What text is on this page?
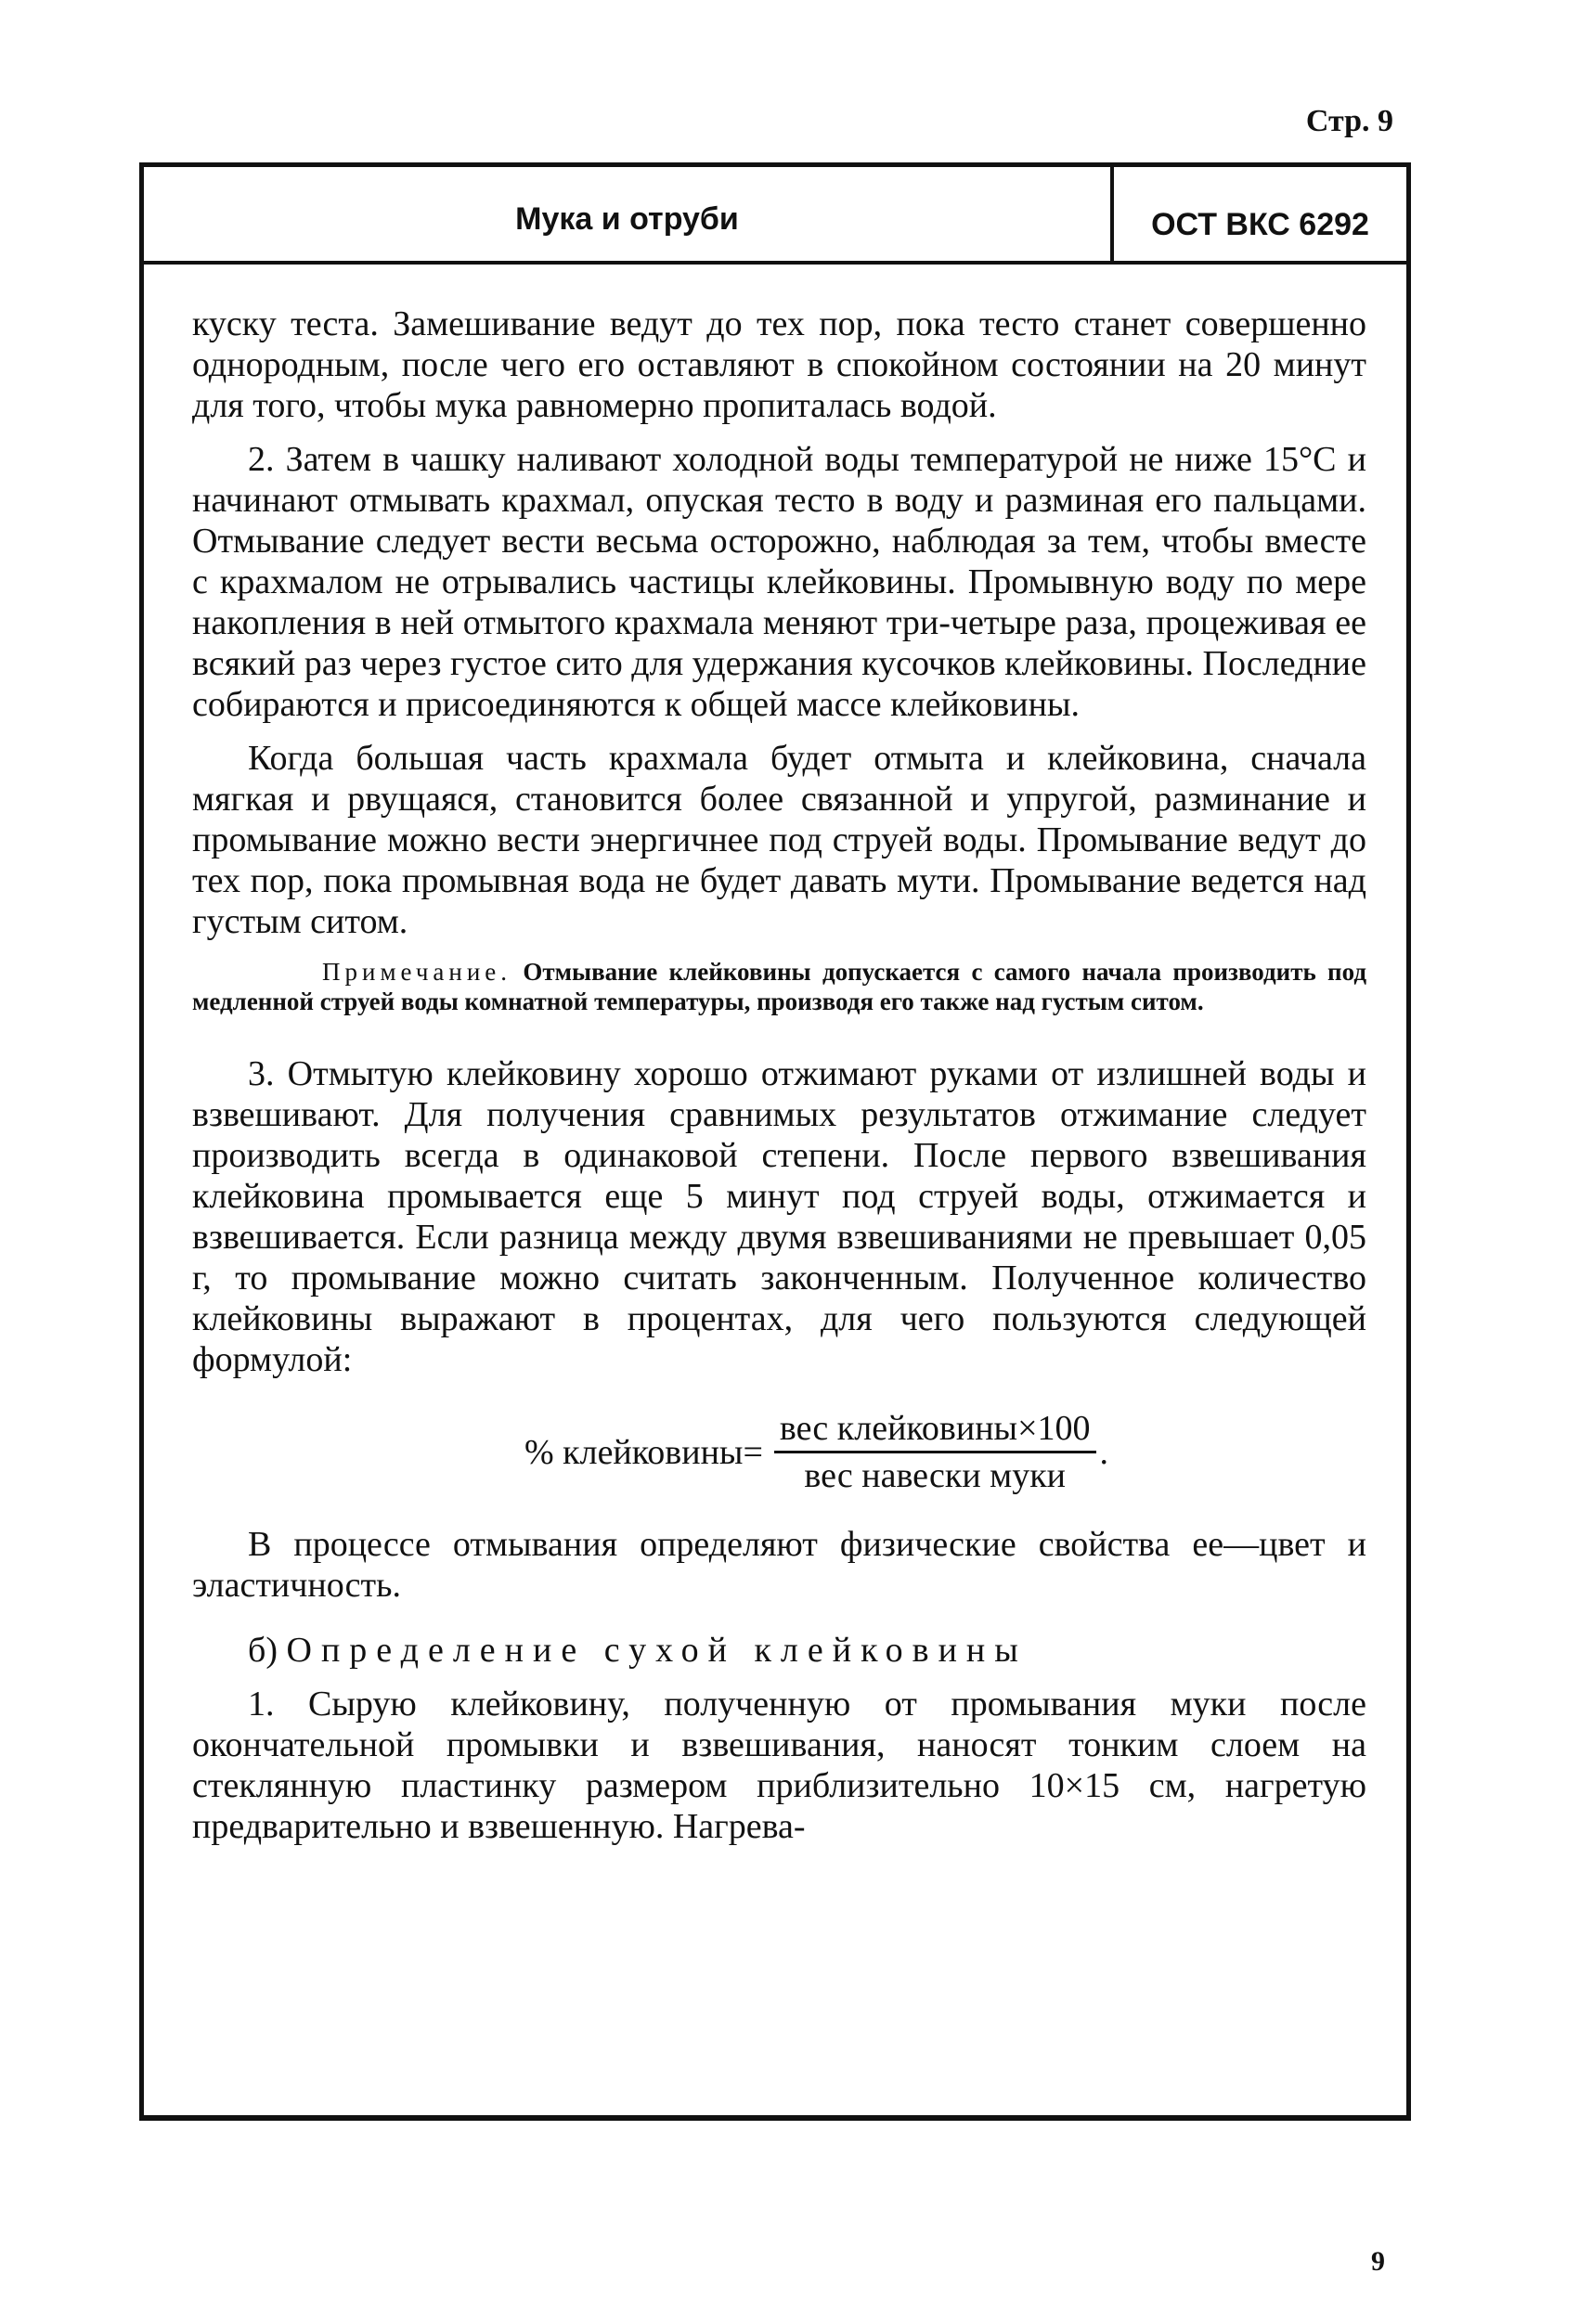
Стр. 9
Мука и отруби	ОСТ ВКС 6292

куску теста. Замешивание ведут до тех пор, пока тесто станет совершенно однородным, после чего его оставляют в спокойном состоянии на 20 минут для того, чтобы мука равномерно пропиталась водой.

2. Затем в чашку наливают холодной воды температурой не ниже 15°С и начинают отмывать крахмал, опуская тесто в воду и разминая его пальцами. Отмывание следует вести весьма осторожно, наблюдая за тем, чтобы вместе с крахмалом не отрывались частицы клейковины. Промывную воду по мере накопления в ней отмытого крахмала меняют три-четыре раза, процеживая ее всякий раз через густое сито для удержания кусочков клейковины. Последние собираются и присоединяются к общей массе клейковины.

Когда большая часть крахмала будет отмыта и клейковина, сначала мягкая и рвущаяся, становится более связанной и упругой, разминание и промывание можно вести энергичнее под струей воды. Промывание ведут до тех пор, пока промывная вода не будет давать мути. Промывание ведется над густым ситом.

Примечание. Отмывание клейковины допускается с самого начала производить под медленной струей воды комнатной температуры, производя его также над густым ситом.

3. Отмытую клейковину хорошо отжимают руками от излишней воды и взвешивают. Для получения сравнимых результатов отжимание следует производить всегда в одинаковой степени. После первого взвешивания клейковина промывается еще 5 минут под струей воды, отжимается и взвешивается. Если разница между двумя взвешиваниями не превышает 0,05 г, то промывание можно считать законченным. Полученное количество клейковины выражают в процентах, для чего пользуются следующей формулой:

% клейковины= $\frac{\text{вес клейковины×100}}{\text{вес навески муки}}$ .

В процессе отмывания определяют физические свойства ее—цвет и эластичность.

б) Определение сухой клейковины

1. Сырую клейковину, полученную от промывания муки после окончательной промывки и взвешивания, наносят тонким слоем на стеклянную пластинку размером приблизительно 10×15 см, нагретую предварительно и взвешенную. Нагрева-

9
